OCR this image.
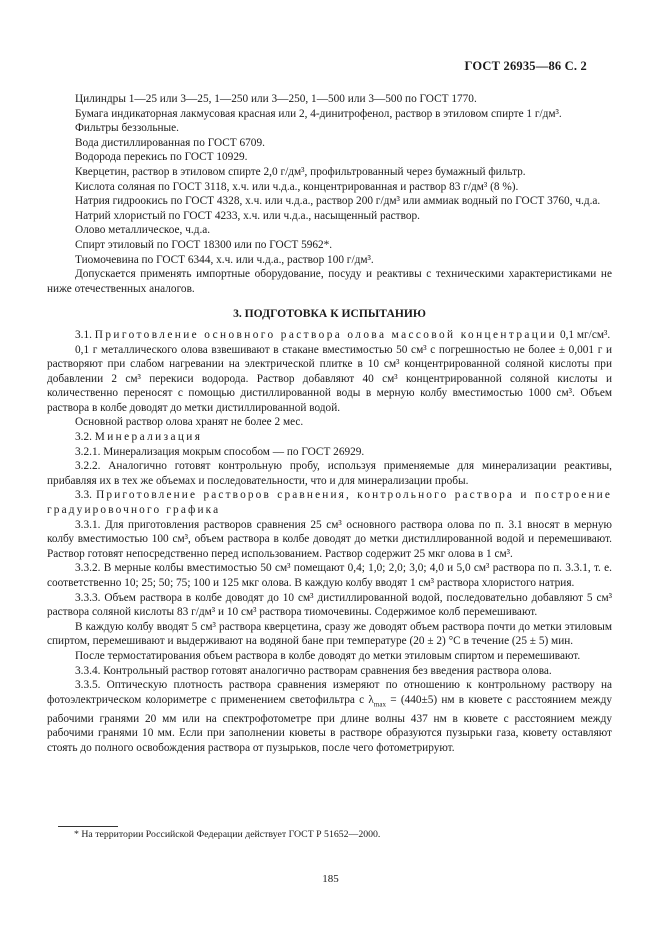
ГОСТ 26935—86 С. 2

Цилиндры 1—25 или 3—25, 1—250 или 3—250, 1—500 или 3—500 по ГОСТ 1770.

Бумага индикаторная лакмусовая красная или 2, 4-динитрофенол, раствор в этиловом спирте 1 г/дм³.

Фильтры беззольные.

Вода дистиллированная по ГОСТ 6709.

Водорода перекись по ГОСТ 10929.

Кверцетин, раствор в этиловом спирте 2,0 г/дм³, профильтрованный через бумажный фильтр.

Кислота соляная по ГОСТ 3118, х.ч. или ч.д.а., концентрированная и раствор 83 г/дм³ (8 %).

Натрия гидроокись по ГОСТ 4328, х.ч. или ч.д.а., раствор 200 г/дм³ или аммиак водный по ГОСТ 3760, ч.д.а.

Натрий хлористый по ГОСТ 4233, х.ч. или ч.д.а., насыщенный раствор.

Олово металлическое, ч.д.а.

Спирт этиловый по ГОСТ 18300 или по ГОСТ 5962*.

Тиомочевина по ГОСТ 6344, х.ч. или ч.д.а., раствор 100 г/дм³.

Допускается применять импортные оборудование, посуду и реактивы с техническими характеристиками не ниже отечественных аналогов.

3. ПОДГОТОВКА К ИСПЫТАНИЮ

3.1. Приготовление основного раствора олова массовой концентрации 0,1 мг/см³.

0,1 г металлического олова взвешивают в стакане вместимостью 50 см³ с погрешностью не более ± 0,001 г и растворяют при слабом нагревании на электрической плитке в 10 см³ концентрированной соляной кислоты при добавлении 2 см³ перекиси водорода. Раствор добавляют 40 см³ концентрированной соляной кислоты и количественно переносят с помощью дистиллированной воды в мерную колбу вместимостью 1000 см³. Объем раствора в колбе доводят до метки дистиллированной водой.

Основной раствор олова хранят не более 2 мес.

3.2. Минерализация

3.2.1. Минерализация мокрым способом — по ГОСТ 26929.

3.2.2. Аналогично готовят контрольную пробу, используя применяемые для минерализации реактивы, прибавляя их в тех же объемах и последовательности, что и для минерализации пробы.

3.3. Приготовление растворов сравнения, контрольного раствора и построение градуировочного графика

3.3.1. Для приготовления растворов сравнения 25 см³ основного раствора олова по п. 3.1 вносят в мерную колбу вместимостью 100 см³, объем раствора в колбе доводят до метки дистиллированной водой и перемешивают. Раствор готовят непосредственно перед использованием. Раствор содержит 25 мкг олова в 1 см³.

3.3.2. В мерные колбы вместимостью 50 см³ помещают 0,4; 1,0; 2,0; 3,0; 4,0 и 5,0 см³ раствора по п. 3.3.1, т. е. соответственно 10; 25; 50; 75; 100 и 125 мкг олова. В каждую колбу вводят 1 см³ раствора хлористого натрия.

3.3.3. Объем раствора в колбе доводят до 10 см³ дистиллированной водой, последовательно добавляют 5 см³ раствора соляной кислоты 83 г/дм³ и 10 см³ раствора тиомочевины. Содержимое колб перемешивают.

В каждую колбу вводят 5 см³ раствора кверцетина, сразу же доводят объем раствора почти до метки этиловым спиртом, перемешивают и выдерживают на водяной бане при температуре (20 ± 2) °С в течение (25 ± 5) мин.

После термостатирования объем раствора в колбе доводят до метки этиловым спиртом и перемешивают.

3.3.4. Контрольный раствор готовят аналогично растворам сравнения без введения раствора олова.

3.3.5. Оптическую плотность раствора сравнения измеряют по отношению к контрольному раствору на фотоэлектрическом колориметре с применением светофильтра с $\lambda_{max} = (440\pm 5)$ нм в кювете с расстоянием между рабочими гранями 20 мм или на спектрофотометре при длине волны 437 нм в кювете с расстоянием между рабочими гранями 10 мм. Если при заполнении кюветы в растворе образуются пузырьки газа, кювету оставляют стоять до полного освобождения раствора от пузырьков, после чего фотометрируют.

* На территории Российской Федерации действует ГОСТ Р 51652—2000.
185
